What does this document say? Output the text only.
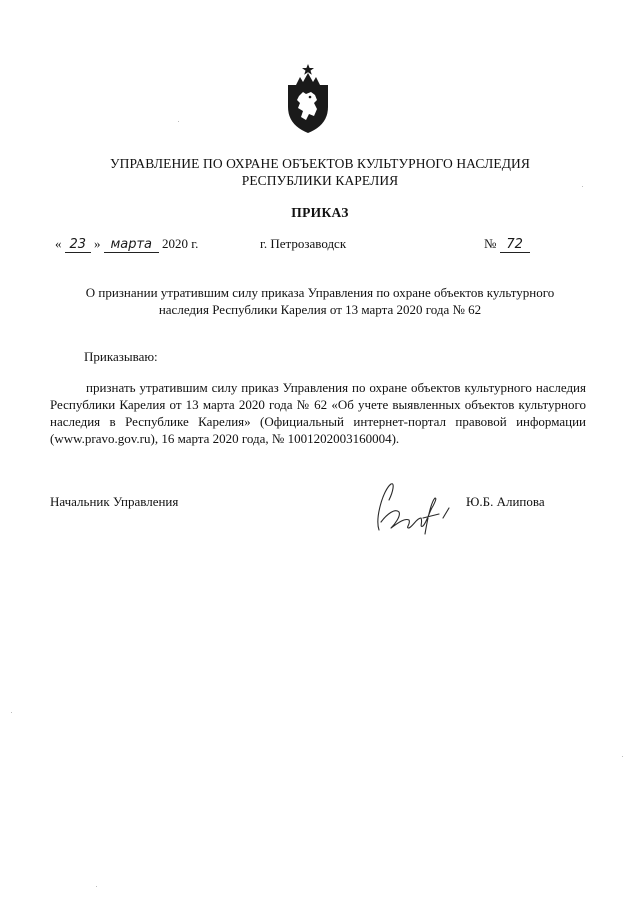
УПРАВЛЕНИЕ ПО ОХРАНЕ ОБЪЕКТОВ КУЛЬТУРНОГО НАСЛЕДИЯ
РЕСПУБЛИКИ КАРЕЛИЯ
ПРИКАЗ
« 23 » марта 2020 г.	г. Петрозаводск	№ 72
О признании утратившим силу приказа Управления по охране объектов культурного
наследия Республики Карелия от 13 марта 2020 года № 62
Приказываю:
признать утратившим силу приказ Управления по охране объектов культурного наследия Республики Карелия от 13 марта 2020 года № 62 «Об учете выявленных объектов культурного наследия в Республике Карелия» (Официальный интернет-портал правовой информации (www.pravo.gov.ru), 16 марта 2020 года, № 1001202003160004).
Начальник Управления	Ю.Б. Алипова
